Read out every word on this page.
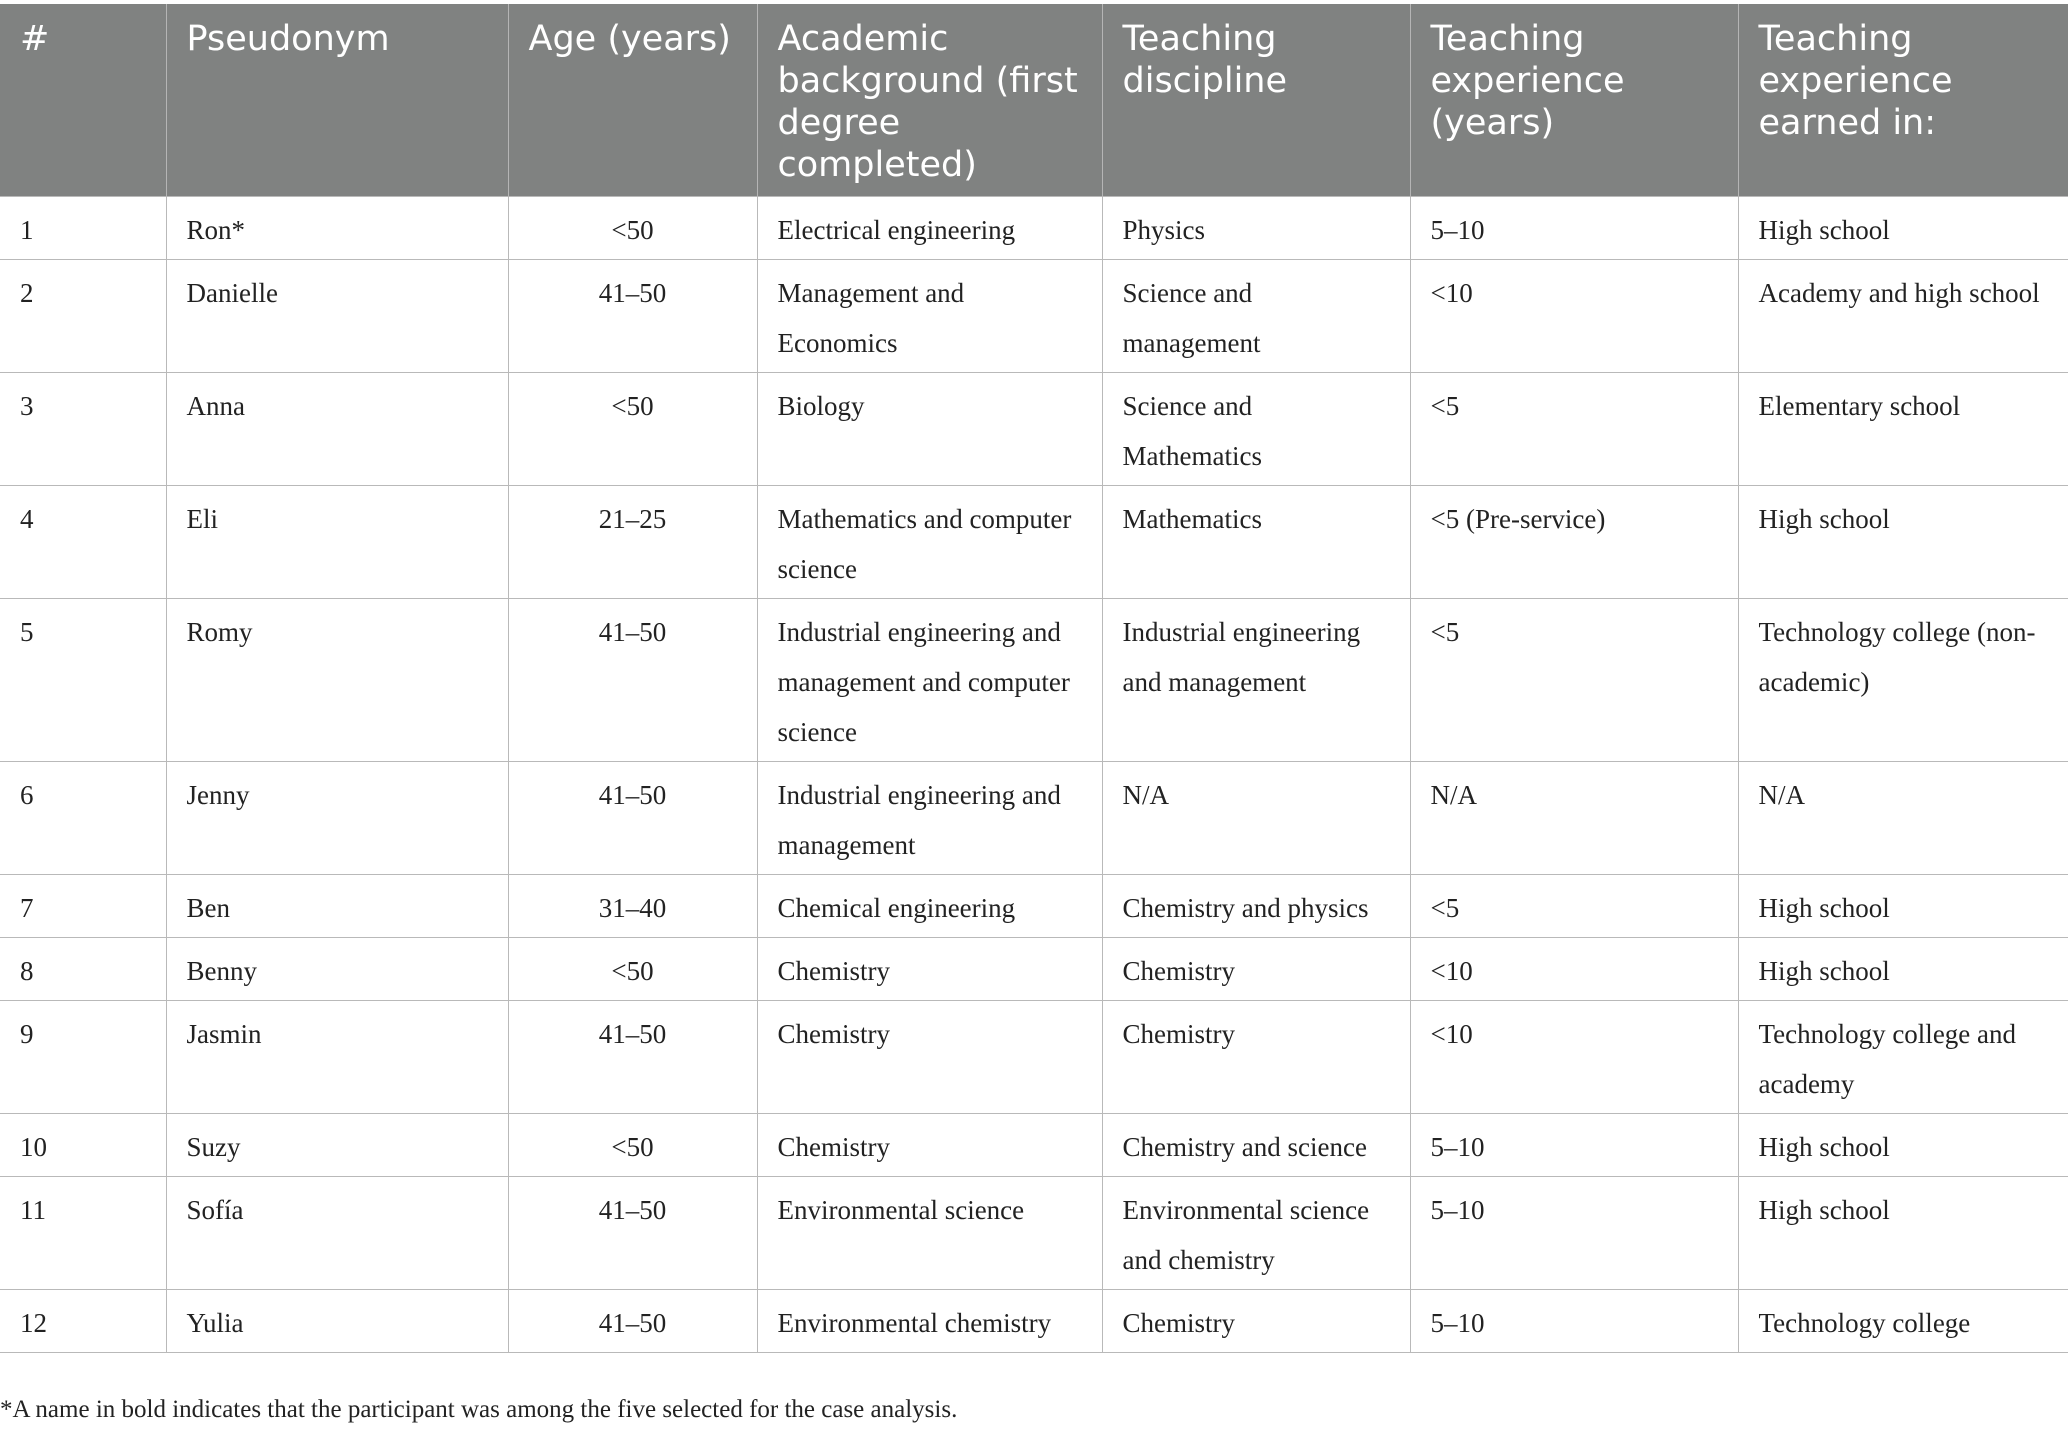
#	Pseudonym	Age (years)	Academic background (first degree completed)	Teaching discipline	Teaching experience (years)	Teaching experience earned in:
1	Ron*	<50	Electrical engineering	Physics	5–10	High school
2	Danielle	41–50	Management and Economics	Science and management	<10	Academy and high school
3	Anna	<50	Biology	Science and Mathematics	<5	Elementary school
4	Eli	21–25	Mathematics and computer science	Mathematics	<5 (Pre-service)	High school
5	Romy	41–50	Industrial engineering and management and computer science	Industrial engineering and management	<5	Technology college (non-academic)
6	Jenny	41–50	Industrial engineering and management	N/A	N/A	N/A
7	Ben	31–40	Chemical engineering	Chemistry and physics	<5	High school
8	Benny	<50	Chemistry	Chemistry	<10	High school
9	Jasmin	41–50	Chemistry	Chemistry	<10	Technology college and academy
10	Suzy	<50	Chemistry	Chemistry and science	5–10	High school
11	Sofía	41–50	Environmental science	Environmental science and chemistry	5–10	High school
12	Yulia	41–50	Environmental chemistry	Chemistry	5–10	Technology college
*A name in bold indicates that the participant was among the five selected for the case analysis.
